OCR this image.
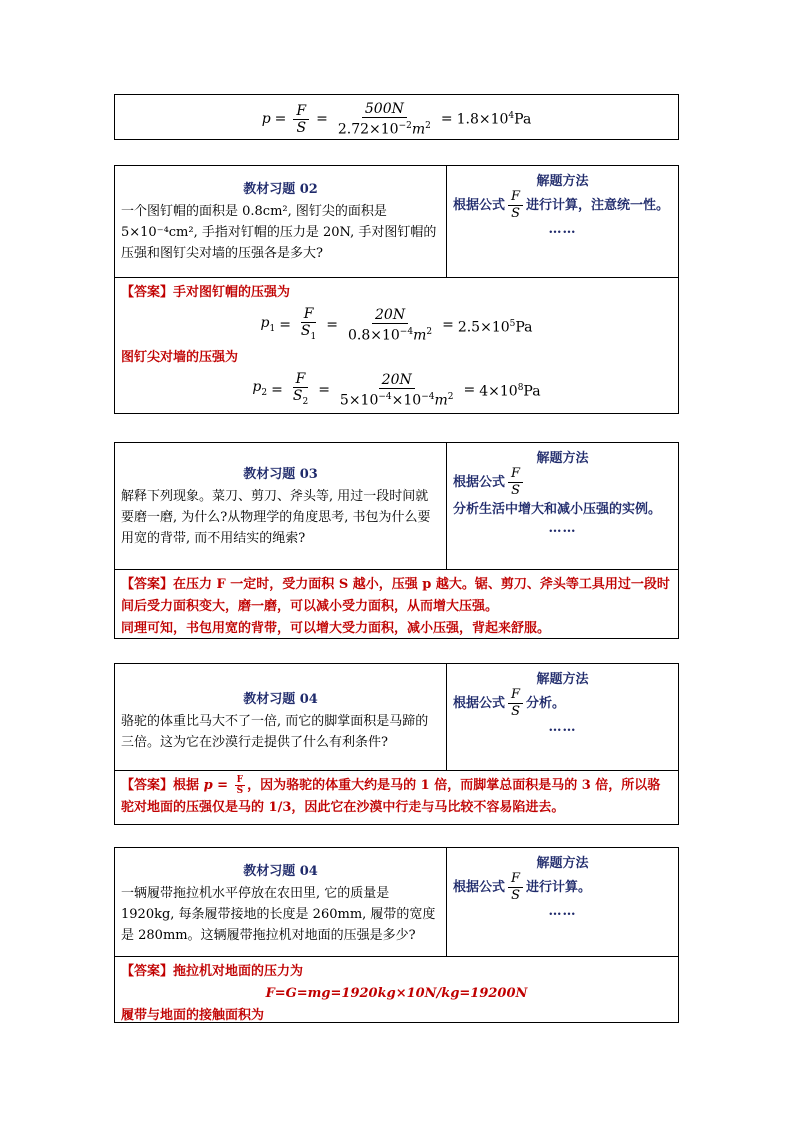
$p = \frac{F}{S} = \frac{500N}{2.72\times 10^{-2}m^2} = 1.8\times 10^4Pa$
教材习题 02
一个图钉帽的面积是 0.8cm², 图钉尖的面积是 5×10⁻⁴cm², 手指对钉帽的压力是 20N, 手对图钉帽的压强和图钉尖对墙的压强各是多大?
解题方法
根据公式 $\frac{F}{S}$ 进行计算，注意统一性。
……
【答案】手对图钉帽的压强为
$p_1 = \frac{F}{S_1} = \frac{20N}{0.8\times 10^{-4}m^2} = 2.5\times 10^5Pa$
图钉尖对墙的压强为
$p_2 = \frac{F}{S_2} = \frac{20N}{5\times 10^{-4}\times 10^{-4}m^2} = 4\times 10^8Pa$
教材习题 03
解释下列现象。菜刀、剪刀、斧头等, 用过一段时间就要磨一磨, 为什么?从物理学的角度思考, 书包为什么要用宽的背带, 而不用结实的绳索?
解题方法
根据公式 $\frac{F}{S}$
分析生活中增大和减小压强的实例。
……
【答案】在压力 F 一定时，受力面积 S 越小，压强 p 越大。锯、剪刀、斧头等工具用过一段时间后受力面积变大，磨一磨，可以减小受力面积，从而增大压强。
同理可知，书包用宽的背带，可以增大受力面积，减小压强，背起来舒服。
教材习题 04
骆驼的体重比马大不了一倍, 而它的脚掌面积是马蹄的三倍。这为它在沙漠行走提供了什么有利条件?
解题方法
根据公式 $\frac{F}{S}$ 分析。
……
【答案】根据 $p = \frac{F}{S}$ ，因为骆驼的体重大约是马的 1 倍，而脚掌总面积是马的 3 倍，所以骆驼对地面的压强仅是马的 1/3，因此它在沙漠中行走与马比较不容易陷进去。
教材习题 04
一辆履带拖拉机水平停放在农田里, 它的质量是 1920kg, 每条履带接地的长度是 260mm, 履带的宽度是 280mm。这辆履带拖拉机对地面的压强是多少?
解题方法
根据公式 $\frac{F}{S}$ 进行计算。
……
【答案】拖拉机对地面的压力为
F=G=mg=1920kg×10N/kg=19200N
履带与地面的接触面积为
